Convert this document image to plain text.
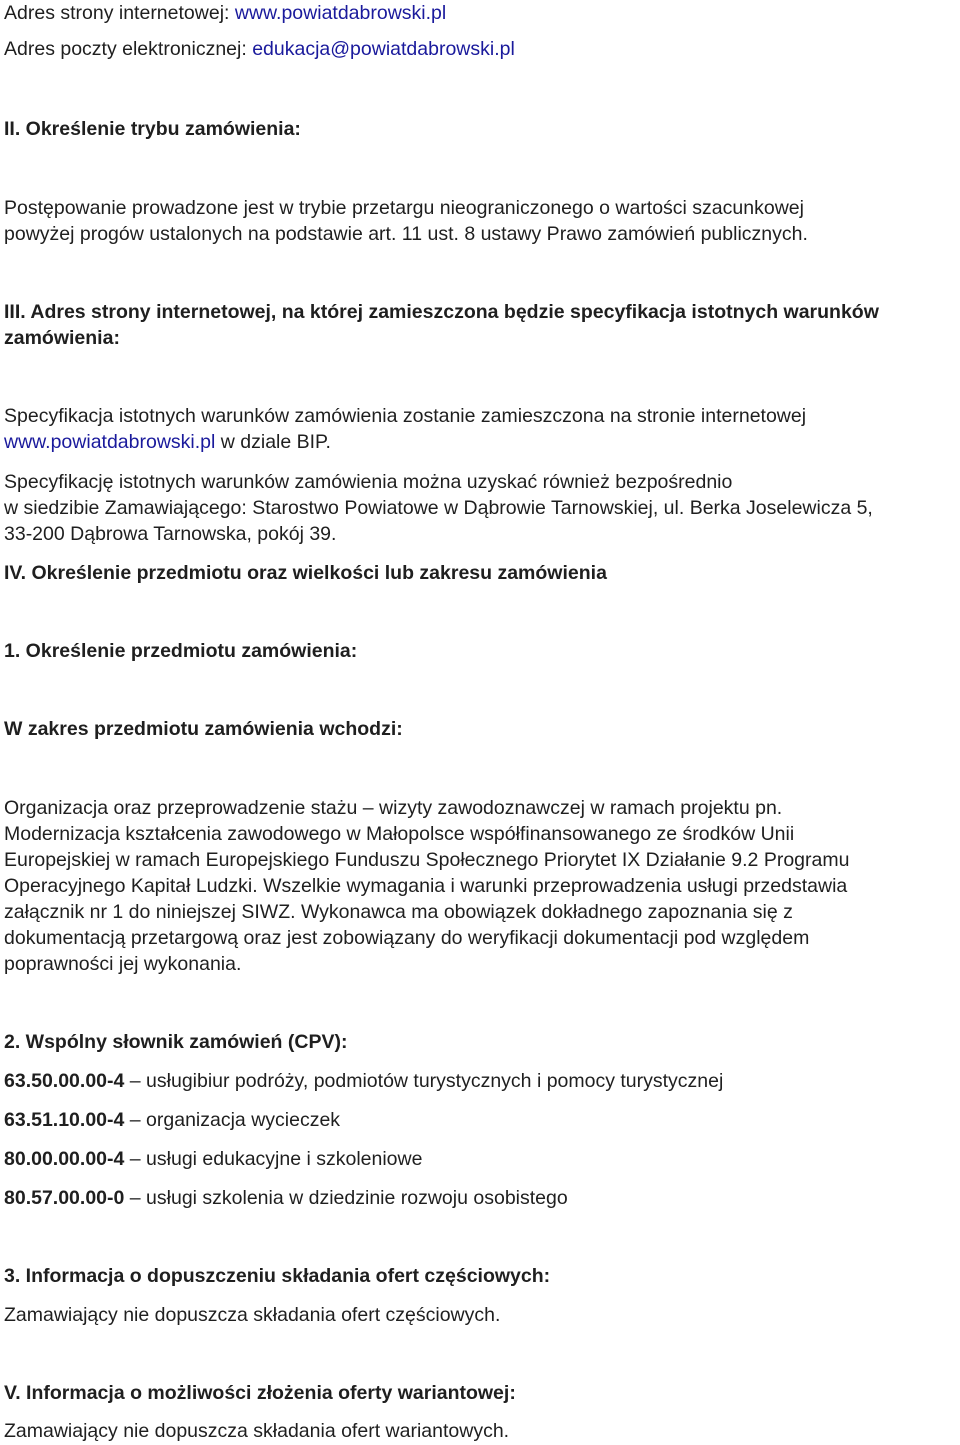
Adres strony internetowej: www.powiatdabrowski.pl
Adres poczty elektronicznej: edukacja@powiatdabrowski.pl
II. Określenie trybu zamówienia:
Postępowanie prowadzone jest w trybie przetargu nieograniczonego o wartości szacunkowej
powyżej progów ustalonych na podstawie art. 11 ust. 8 ustawy Prawo zamówień publicznych.
III. Adres strony internetowej, na której zamieszczona będzie specyfikacja istotnych warunków
zamówienia:
Specyfikacja istotnych warunków zamówienia zostanie zamieszczona na stronie internetowej
www.powiatdabrowski.pl w dziale BIP.
Specyfikację istotnych warunków zamówienia można uzyskać również bezpośrednio
w siedzibie Zamawiającego: Starostwo Powiatowe w Dąbrowie Tarnowskiej, ul. Berka Joselewicza 5,
33-200 Dąbrowa Tarnowska, pokój 39.
IV. Określenie przedmiotu oraz wielkości lub zakresu zamówienia
1. Określenie przedmiotu zamówienia:
W zakres przedmiotu zamówienia wchodzi:
Organizacja oraz przeprowadzenie stażu – wizyty zawodoznawczej w ramach projektu pn.
Modernizacja kształcenia zawodowego w Małopolsce współfinansowanego ze środków Unii
Europejskiej w ramach Europejskiego Funduszu Społecznego Priorytet IX Działanie 9.2 Programu
Operacyjnego Kapitał Ludzki. Wszelkie wymagania i warunki przeprowadzenia usługi przedstawia
załącznik nr 1 do niniejszej SIWZ. Wykonawca ma obowiązek dokładnego zapoznania się z
dokumentacją przetargową oraz jest zobowiązany do weryfikacji dokumentacji pod względem
poprawności jej wykonania.
2. Wspólny słownik zamówień (CPV):
63.50.00.00-4 – usługibiur podróży, podmiotów turystycznych i pomocy turystycznej
63.51.10.00-4 – organizacja wycieczek
80.00.00.00-4 – usługi edukacyjne i szkoleniowe
80.57.00.00-0 – usługi szkolenia w dziedzinie rozwoju osobistego
3. Informacja o dopuszczeniu składania ofert częściowych:
Zamawiający nie dopuszcza składania ofert częściowych.
V. Informacja o możliwości złożenia oferty wariantowej:
Zamawiający nie dopuszcza składania ofert wariantowych.
